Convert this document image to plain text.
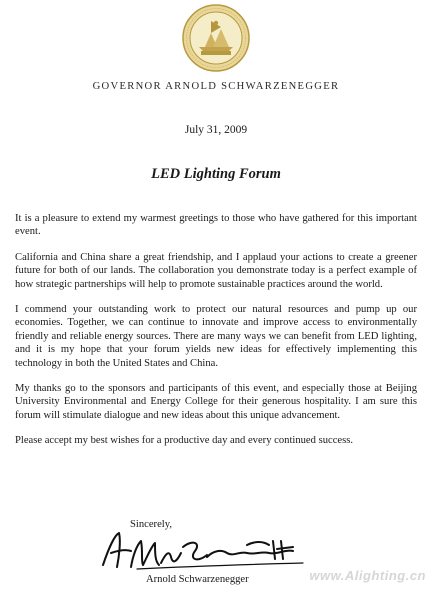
GOVERNOR ARNOLD SCHWARZENEGGER
July 31, 2009
LED Lighting Forum

It is a pleasure to extend my warmest greetings to those who have gathered for this important event.

California and China share a great friendship, and I applaud your actions to create a greener future for both of our lands. The collaboration you demonstrate today is a perfect example of how strategic partnerships will help to promote sustainable practices around the world.

I commend your outstanding work to protect our natural resources and pump up our economies. Together, we can continue to innovate and improve access to environmentally friendly and reliable energy sources. There are many ways we can benefit from LED lighting, and it is my hope that your forum yields new ideas for effectively implementing this technology in both the United States and China.

My thanks go to the sponsors and participants of this event, and especially those at Beijing University Environmental and Energy College for their generous hospitality. I am sure this forum will stimulate dialogue and new ideas about this unique advancement.

Please accept my best wishes for a productive day and every continued success.

Sincerely,
Arnold Schwarzenegger	www.Alighting.cn
